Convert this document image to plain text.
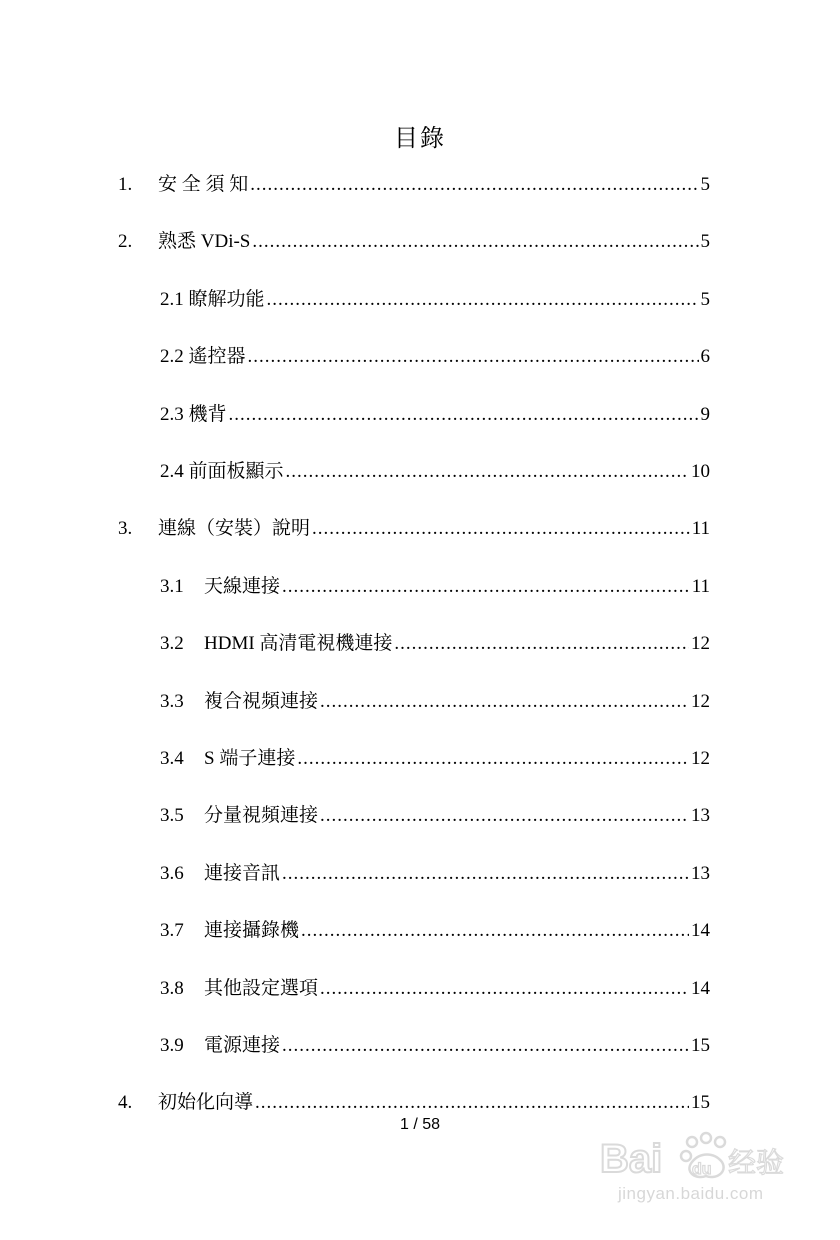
目錄
1.	安 全 須 知 .....	5
2.	熟悉 VDi-S .....	5
2.1 瞭解功能 .....	5
2.2 遙控器 .....	6
2.3 機背 .....	9
2.4 前面板顯示 .....	10
3.	連線（安裝）說明 .....	11
3.1	天線連接 .....	11
3.2	HDMI 高清電視機連接 .....	12
3.3	複合視頻連接 .....	12
3.4	S 端子連接 .....	12
3.5	分量視頻連接 .....	13
3.6	連接音訊 .....	13
3.7	連接攝錄機 .....	14
3.8	其他設定選項 .....	14
3.9	電源連接 .....	15
4.	初始化向導 .....	15
1 / 58
Bai du 经验
jingyan.baidu.com
